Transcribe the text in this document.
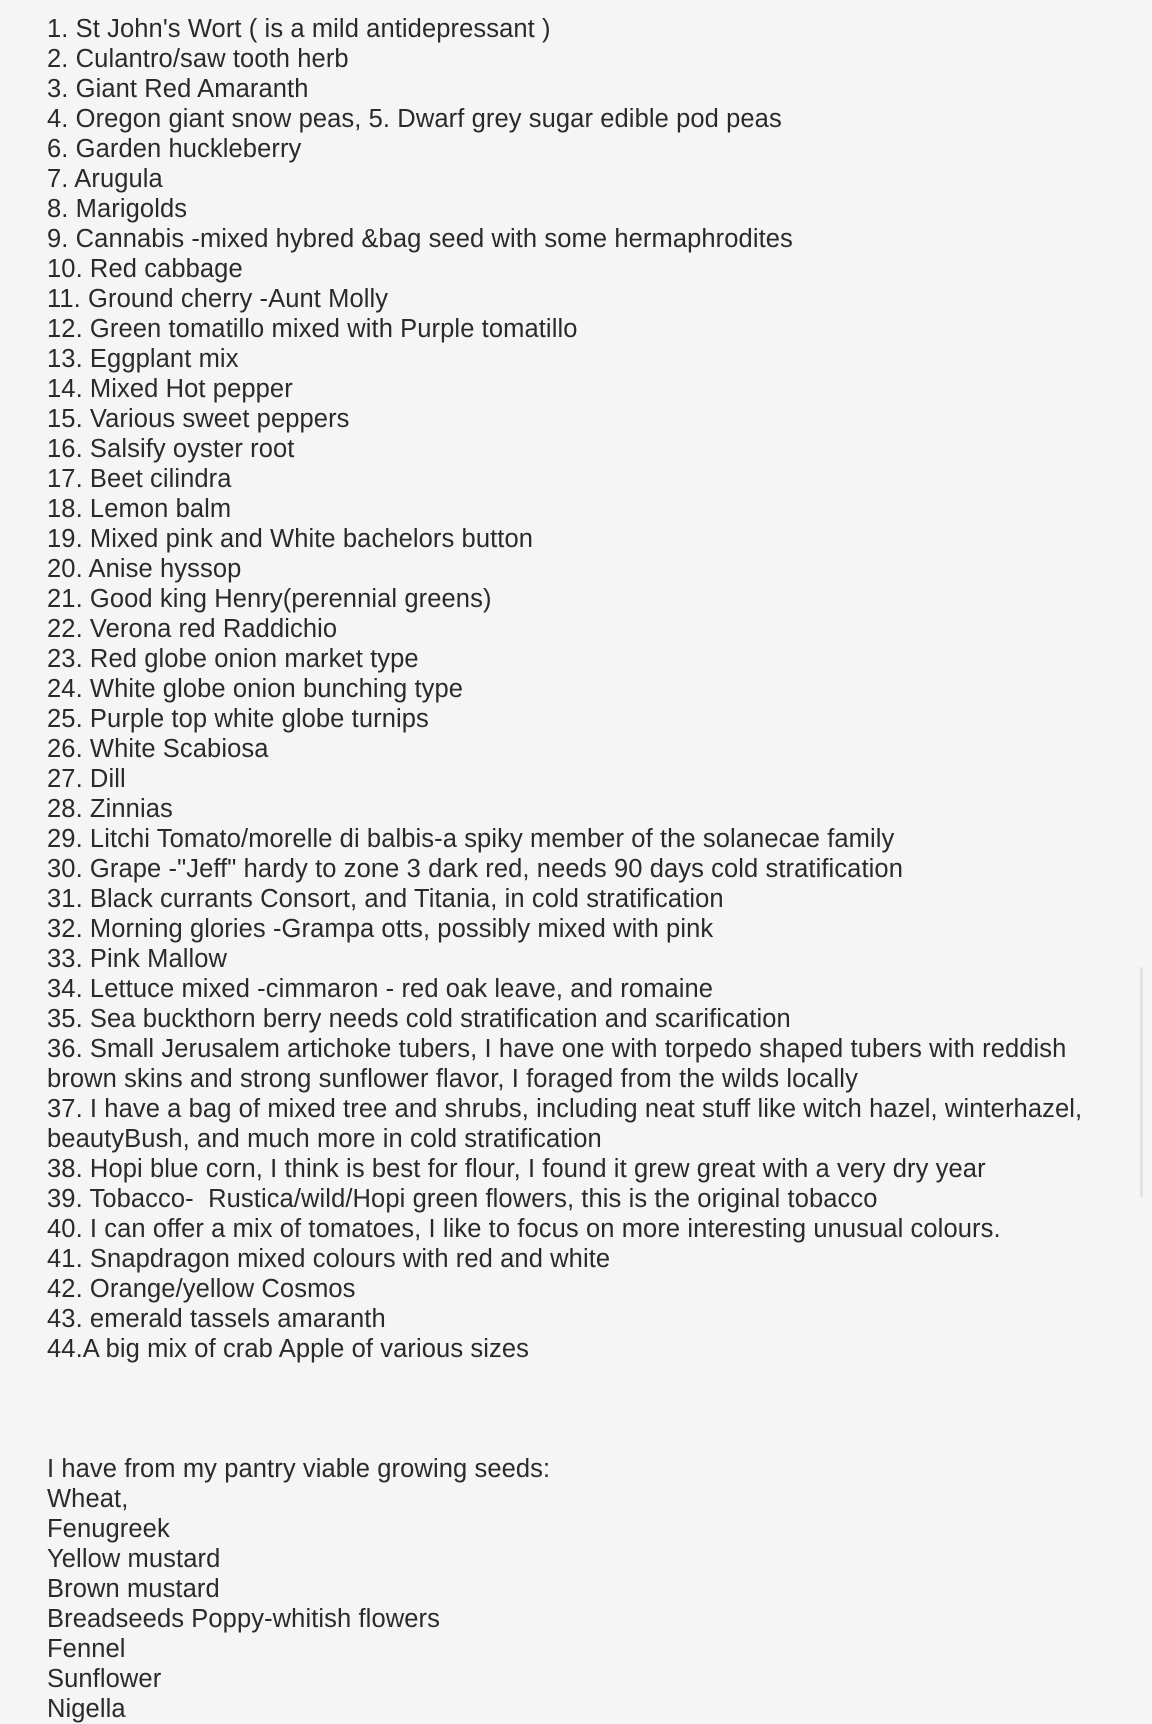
1. St John's Wort ( is a mild antidepressant )
2. Culantro/saw tooth herb
3. Giant Red Amaranth
4. Oregon giant snow peas, 5. Dwarf grey sugar edible pod peas
6. Garden huckleberry
7. Arugula
8. Marigolds
9. Cannabis -mixed hybred &bag seed with some hermaphrodites
10. Red cabbage
11. Ground cherry -Aunt Molly
12. Green tomatillo mixed with Purple tomatillo
13. Eggplant mix
14. Mixed Hot pepper
15. Various sweet peppers
16. Salsify oyster root
17. Beet cilindra
18. Lemon balm
19. Mixed pink and White bachelors button
20. Anise hyssop
21. Good king Henry(perennial greens)
22. Verona red Raddichio
23. Red globe onion market type
24. White globe onion bunching type
25. Purple top white globe turnips
26. White Scabiosa
27. Dill
28. Zinnias
29. Litchi Tomato/morelle di balbis-a spiky member of the solanecae family
30. Grape -"Jeff" hardy to zone 3 dark red, needs 90 days cold stratification
31. Black currants Consort, and Titania, in cold stratification
32. Morning glories -Grampa otts, possibly mixed with pink
33. Pink Mallow
34. Lettuce mixed -cimmaron - red oak leave, and romaine
35. Sea buckthorn berry needs cold stratification and scarification
36. Small Jerusalem artichoke tubers, I have one with torpedo shaped tubers with reddish brown skins and strong sunflower flavor, I foraged from the wilds locally
37. I have a bag of mixed tree and shrubs, including neat stuff like witch hazel, winterhazel, beautyBush, and much more in cold stratification
38. Hopi blue corn, I think is best for flour, I found it grew great with a very dry year
39. Tobacco-  Rustica/wild/Hopi green flowers, this is the original tobacco
40. I can offer a mix of tomatoes, I like to focus on more interesting unusual colours.
41. Snapdragon mixed colours with red and white
42. Orange/yellow Cosmos
43. emerald tassels amaranth
44.A big mix of crab Apple of various sizes
I have from my pantry viable growing seeds:
Wheat,
Fenugreek
Yellow mustard
Brown mustard
Breadseeds Poppy-whitish flowers
Fennel
Sunflower
Nigella
